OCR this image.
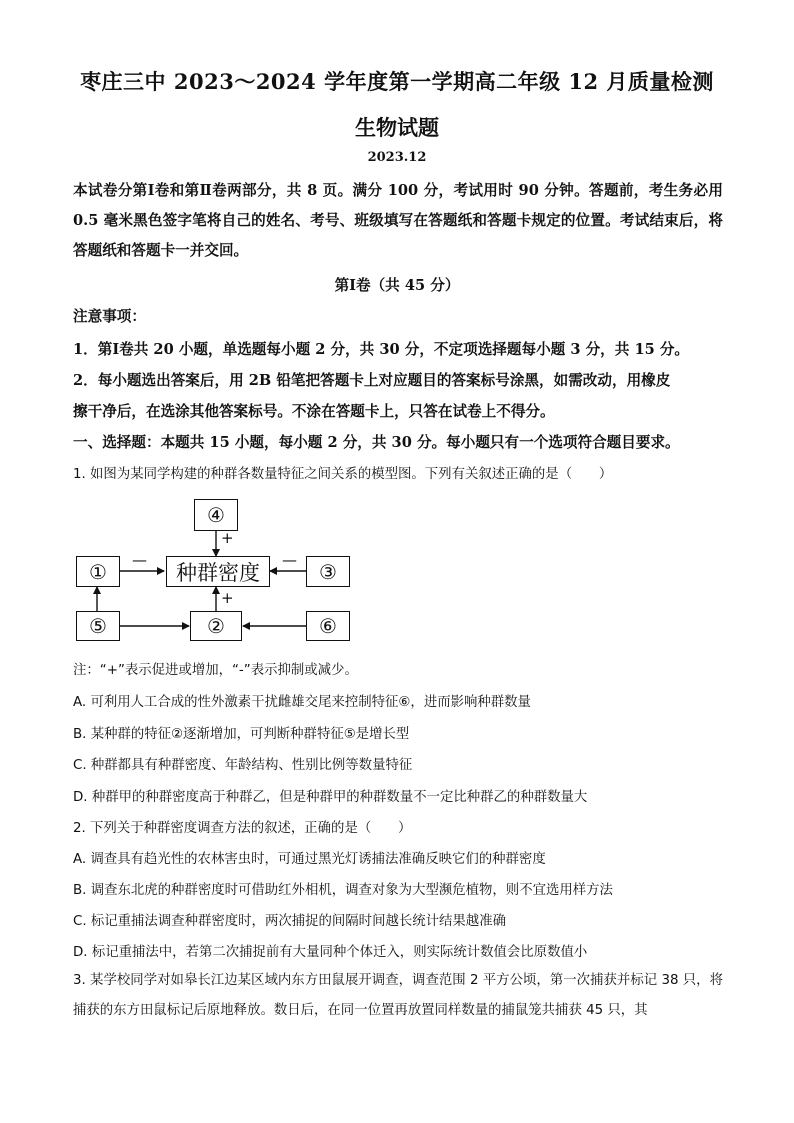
枣庄三中 2023～2024 学年度第一学期高二年级 12 月质量检测
生物试题
2023.12
本试卷分第Ⅰ卷和第Ⅱ卷两部分，共 8 页。满分 100 分，考试用时 90 分钟。答题前，考生务必用 0.5 毫米黑色签字笔将自己的姓名、考号、班级填写在答题纸和答题卡规定的位置。考试结束后，将答题纸和答题卡一并交回。
第Ⅰ卷（共 45 分）
注意事项：
1．第Ⅰ卷共 20 小题，单选题每小题 2 分，共 30 分，不定项选择题每小题 3 分，共 15 分。
2．每小题选出答案后，用 2B 铅笔把答题卡上对应题目的答案标号涂黑，如需改动，用橡皮
擦干净后，在选涂其他答案标号。不涂在答题卡上，只答在试卷上不得分。
一、选择题：本题共 15 小题，每小题 2 分，共 30 分。每小题只有一个选项符合题目要求。
1. 如图为某同学构建的种群各数量特征之间关系的模型图。下列有关叙述正确的是（　　）
④
①	种群密度	③
⑤	②	⑥
+
—	—
+
注：“+”表示促进或增加，“-”表示抑制或减少。
A. 可利用人工合成的性外激素干扰雌雄交尾来控制特征⑥，进而影响种群数量
B. 某种群的特征②逐渐增加，可判断种群特征⑤是增长型
C. 种群都具有种群密度、年龄结构、性别比例等数量特征
D. 种群甲的种群密度高于种群乙，但是种群甲的种群数量不一定比种群乙的种群数量大
2. 下列关于种群密度调查方法的叙述，正确的是（　　）
A. 调查具有趋光性的农林害虫时，可通过黑光灯诱捕法准确反映它们的种群密度
B. 调查东北虎的种群密度时可借助红外相机，调查对象为大型濒危植物，则不宜选用样方法
C. 标记重捕法调查种群密度时，两次捕捉的间隔时间越长统计结果越准确
D. 标记重捕法中，若第二次捕捉前有大量同种个体迁入，则实际统计数值会比原数值小
3. 某学校同学对如皋长江边某区域内东方田鼠展开调查，调查范围 2 平方公顷，第一次捕获并标记 38 只，将捕获的东方田鼠标记后原地释放。数日后，在同一位置再放置同样数量的捕鼠笼共捕获 45 只，其
